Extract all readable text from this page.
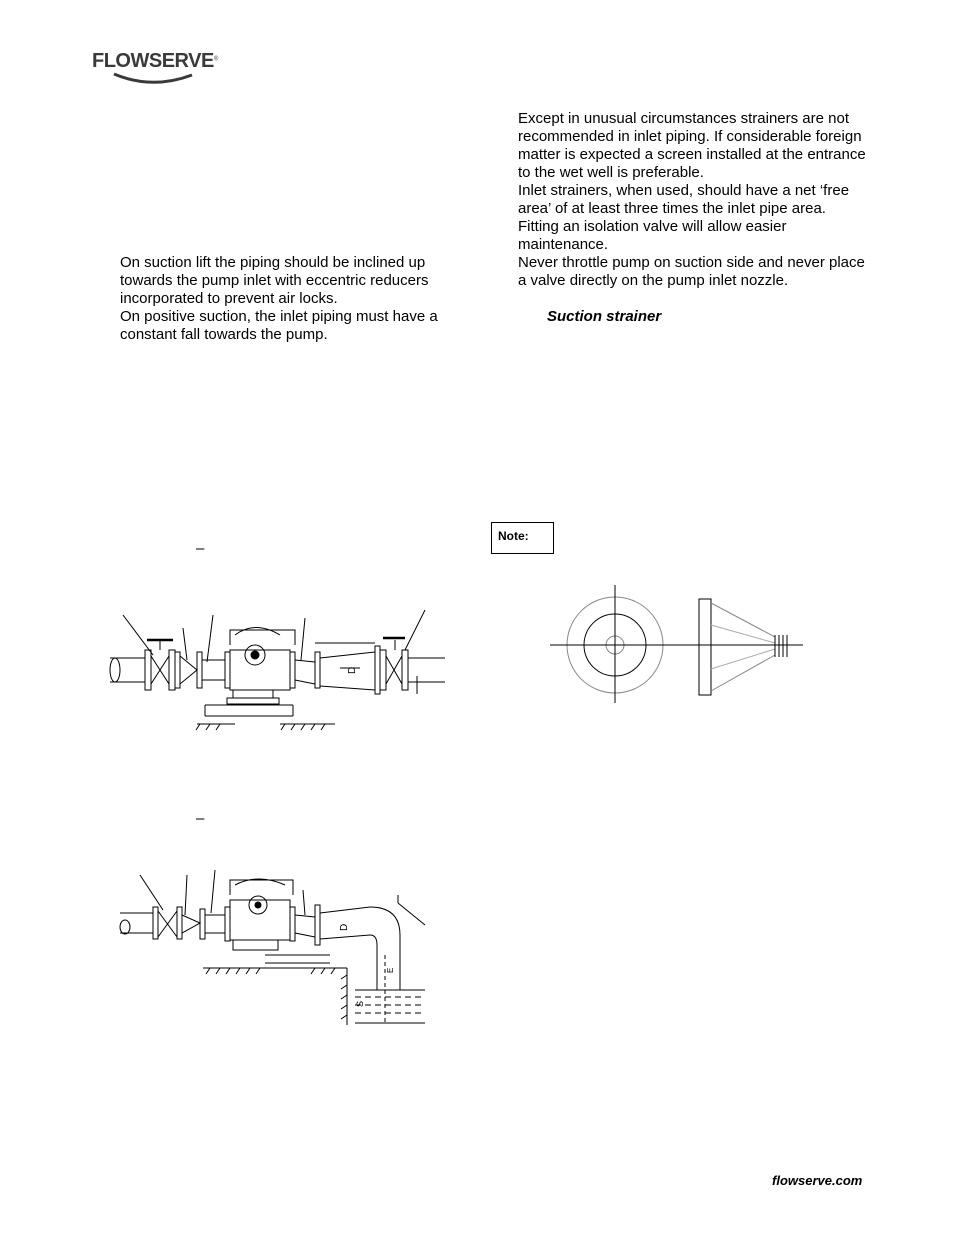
FLOWSERVE®

On suction lift the piping should be inclined up towards the pump inlet with eccentric reducers incorporated to prevent air locks.

On positive suction, the inlet piping must have a constant fall towards the pump.

Except in unusual circumstances strainers are not recommended in inlet piping. If considerable foreign matter is expected a screen installed at the entrance to the wet well is preferable.

Inlet strainers, when used, should have a net ‘free area’ of at least three times the inlet pipe area.

Fitting an isolation valve will allow easier maintenance.

Never throttle pump on suction side and never place a valve directly on the pump inlet nozzle.

Suction strainer
Note:
–
–
D
D
S
E
flowserve.com
